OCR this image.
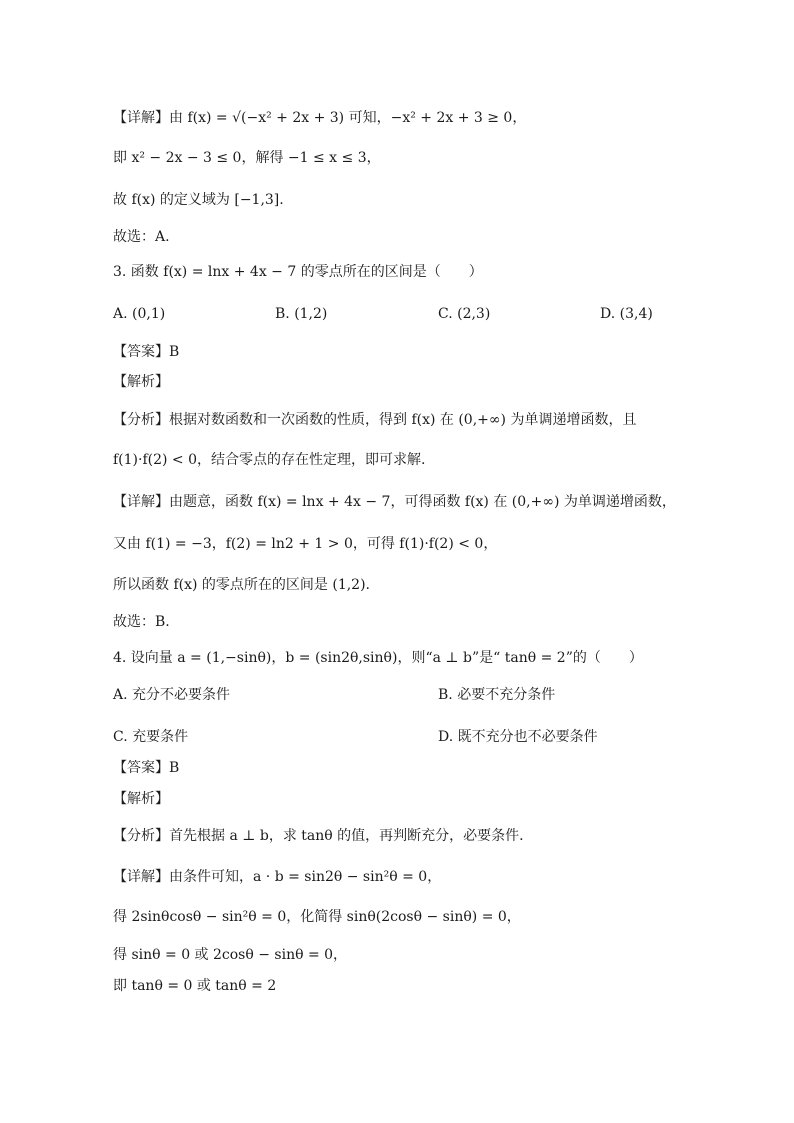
【详解】由 f(x) = √(−x² + 2x + 3) 可知，−x² + 2x + 3 ≥ 0，
即 x² − 2x − 3 ≤ 0，解得 −1 ≤ x ≤ 3，
故 f(x) 的定义域为 [−1,3].
故选：A.
3. 函数 f(x) = lnx + 4x − 7 的零点所在的区间是（　　）
A. (0,1)	B. (1,2)	C. (2,3)	D. (3,4)
【答案】B
【解析】
【分析】根据对数函数和一次函数的性质，得到 f(x) 在 (0,+∞) 为单调递增函数，且
f(1)·f(2) < 0，结合零点的存在性定理，即可求解.
【详解】由题意，函数 f(x) = lnx + 4x − 7，可得函数 f(x) 在 (0,+∞) 为单调递增函数，
又由 f(1) = −3，f(2) = ln2 + 1 > 0，可得 f(1)·f(2) < 0，
所以函数 f(x) 的零点所在的区间是 (1,2).
故选：B.
4. 设向量 a = (1,−sinθ)，b = (sin2θ,sinθ)，则“a ⊥ b”是“ tanθ = 2”的（　　）
A. 充分不必要条件	B. 必要不充分条件
C. 充要条件	D. 既不充分也不必要条件
【答案】B
【解析】
【分析】首先根据 a ⊥ b，求 tanθ 的值，再判断充分，必要条件.
【详解】由条件可知，a · b = sin2θ − sin²θ = 0，
得 2sinθcosθ − sin²θ = 0，化简得 sinθ(2cosθ − sinθ) = 0，
得 sinθ = 0 或 2cosθ − sinθ = 0，
即 tanθ = 0 或 tanθ = 2
